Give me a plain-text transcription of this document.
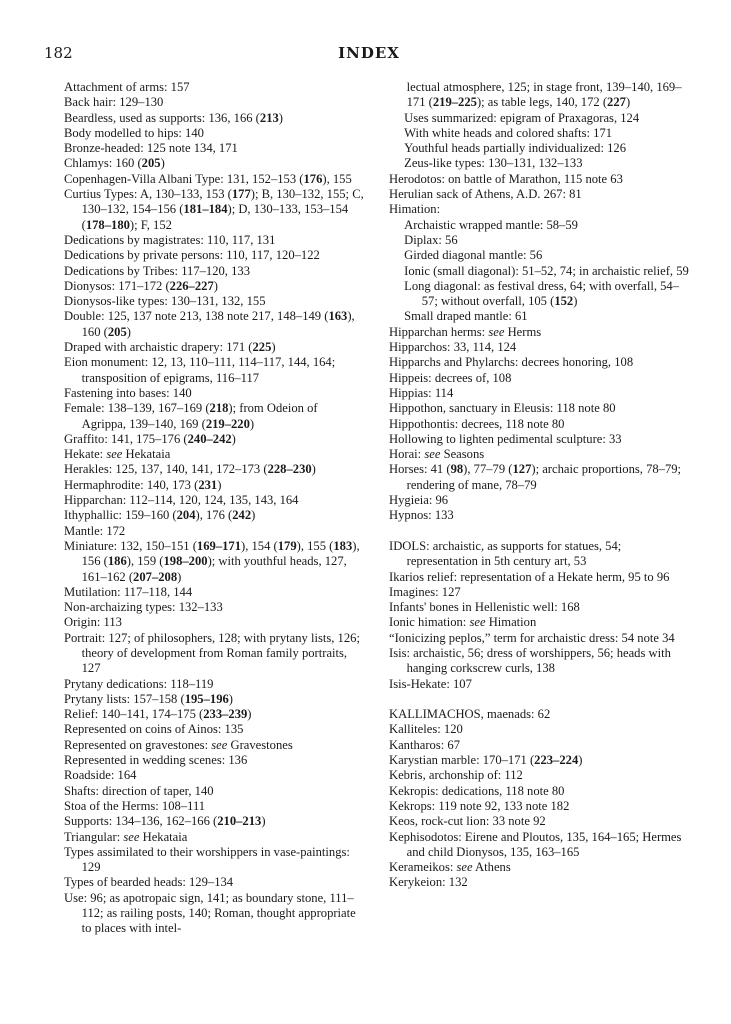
182	INDEX

Attachment of arms: 157

Back hair: 129–130

Beardless, used as supports: 136, 166 (213)

Body modelled to hips: 140

Bronze-headed: 125 note 134, 171

Chlamys: 160 (205)

Copenhagen-Villa Albani Type: 131, 152–153 (176), 155

Curtius Types: A, 130–133, 153 (177); B, 130–132, 155; C, 130–132, 154–156 (181–184); D, 130–133, 153–154 (178–180); F, 152

Dedications by magistrates: 110, 117, 131

Dedications by private persons: 110, 117, 120–122

Dedications by Tribes: 117–120, 133

Dionysos: 171–172 (226–227)

Dionysos-like types: 130–131, 132, 155

Double: 125, 137 note 213, 138 note 217, 148–149 (163), 160 (205)

Draped with archaistic drapery: 171 (225)

Eion monument: 12, 13, 110–111, 114–117, 144, 164; transposition of epigrams, 116–117

Fastening into bases: 140

Female: 138–139, 167–169 (218); from Odeion of Agrippa, 139–140, 169 (219–220)

Graffito: 141, 175–176 (240–242)

Hekate: see Hekataia

Herakles: 125, 137, 140, 141, 172–173 (228–230)

Hermaphrodite: 140, 173 (231)

Hipparchan: 112–114, 120, 124, 135, 143, 164

Ithyphallic: 159–160 (204), 176 (242)

Mantle: 172

Miniature: 132, 150–151 (169–171), 154 (179), 155 (183), 156 (186), 159 (198–200); with youthful heads, 127, 161–162 (207–208)

Mutilation: 117–118, 144

Non-archaizing types: 132–133

Origin: 113

Portrait: 127; of philosophers, 128; with prytany lists, 126; theory of development from Roman family portraits, 127

Prytany dedications: 118–119

Prytany lists: 157–158 (195–196)

Relief: 140–141, 174–175 (233–239)

Represented on coins of Ainos: 135

Represented on gravestones: see Gravestones

Represented in wedding scenes: 136

Roadside: 164

Shafts: direction of taper, 140

Stoa of the Herms: 108–111

Supports: 134–136, 162–166 (210–213)

Triangular: see Hekataia

Types assimilated to their worshippers in vase-paintings: 129

Types of bearded heads: 129–134

Use: 96; as apotropaic sign, 141; as boundary stone, 111–112; as railing posts, 140; Roman, thought appropriate to places with intel-

lectual atmosphere, 125; in stage front, 139–140, 169–171 (219–225); as table legs, 140, 172 (227)

Uses summarized: epigram of Praxagoras, 124

With white heads and colored shafts: 171

Youthful heads partially individualized: 126

Zeus-like types: 130–131, 132–133

Herodotos: on battle of Marathon, 115 note 63

Herulian sack of Athens, A.D. 267: 81

Himation:

Archaistic wrapped mantle: 58–59

Diplax: 56

Girded diagonal mantle: 56

Ionic (small diagonal): 51–52, 74; in archaistic relief, 59

Long diagonal: as festival dress, 64; with overfall, 54–57; without overfall, 105 (152)

Small draped mantle: 61

Hipparchan herms: see Herms

Hipparchos: 33, 114, 124

Hipparchs and Phylarchs: decrees honoring, 108

Hippeis: decrees of, 108

Hippias: 114

Hippothon, sanctuary in Eleusis: 118 note 80

Hippothontis: decrees, 118 note 80

Hollowing to lighten pedimental sculpture: 33

Horai: see Seasons

Horses: 41 (98), 77–79 (127); archaic proportions, 78–79; rendering of mane, 78–79

Hygieia: 96

Hypnos: 133

IDOLS: archaistic, as supports for statues, 54; representation in 5th century art, 53

Ikarios relief: representation of a Hekate herm, 95 to 96

Imagines: 127

Infants' bones in Hellenistic well: 168

Ionic himation: see Himation

“Ionicizing peplos,” term for archaistic dress: 54 note 34

Isis: archaistic, 56; dress of worshippers, 56; heads with hanging corkscrew curls, 138

Isis-Hekate: 107

KALLIMACHOS, maenads: 62

Kalliteles: 120

Kantharos: 67

Karystian marble: 170–171 (223–224)

Kebris, archonship of: 112

Kekropis: dedications, 118 note 80

Kekrops: 119 note 92, 133 note 182

Keos, rock-cut lion: 33 note 92

Kephisodotos: Eirene and Ploutos, 135, 164–165; Hermes and child Dionysos, 135, 163–165

Kerameikos: see Athens

Kerykeion: 132
